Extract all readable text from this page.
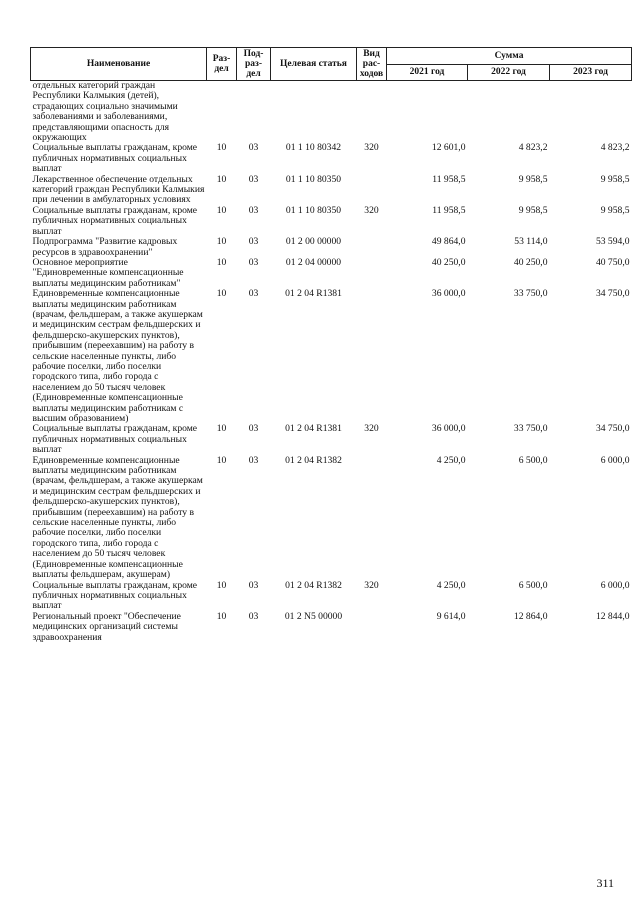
Наименование	Раз-дел	Под-раз-дел	Целевая статья	Вид рас-ходов	Сумма		
					2021 год	2022 год	2023 год
отдельных категорий граждан Республики Калмыкия (детей), страдающих социально значимыми заболеваниями и заболеваниями, представляющими опасность для окружающих							
Социальные выплаты гражданам, кроме публичных нормативных социальных выплат	10	03	01 1 10 80342	320	12 601,0	4 823,2	4 823,2
Лекарственное обеспечение отдельных категорий граждан Республики Калмыкия при лечении в амбулаторных условиях	10	03	01 1 10 80350		11 958,5	9 958,5	9 958,5
Социальные выплаты гражданам, кроме публичных нормативных социальных выплат	10	03	01 1 10 80350	320	11 958,5	9 958,5	9 958,5
Подпрограмма "Развитие кадровых ресурсов в здравоохранении"	10	03	01 2 00 00000		49 864,0	53 114,0	53 594,0
Основное мероприятие "Единовременные компенсационные выплаты медицинским работникам"	10	03	01 2 04 00000		40 250,0	40 250,0	40 750,0
Единовременные компенсационные выплаты медицинским работникам (врачам, фельдшерам, а также акушеркам и медицинским сестрам фельдшерских и фельдшерско-акушерских пунктов), прибывшим (переехавшим) на работу в сельские населенные пункты, либо рабочие поселки, либо поселки городского типа, либо города с населением до 50 тысяч человек (Единовременные компенсационные выплаты медицинским работникам с высшим образованием)	10	03	01 2 04 R1381		36 000,0	33 750,0	34 750,0
Социальные выплаты гражданам, кроме публичных нормативных социальных выплат	10	03	01 2 04 R1381	320	36 000,0	33 750,0	34 750,0
Единовременные компенсационные выплаты медицинским работникам (врачам, фельдшерам, а также акушеркам и медицинским сестрам фельдшерских и фельдшерско-акушерских пунктов), прибывшим (переехавшим) на работу в сельские населенные пункты, либо рабочие поселки, либо поселки городского типа, либо города с населением до 50 тысяч человек (Единовременные компенсационные выплаты фельдшерам, акушерам)	10	03	01 2 04 R1382		4 250,0	6 500,0	6 000,0
Социальные выплаты гражданам, кроме публичных нормативных социальных выплат	10	03	01 2 04 R1382	320	4 250,0	6 500,0	6 000,0
Региональный проект "Обеспечение медицинских организаций системы здравоохранения	10	03	01 2 N5 00000		9 614,0	12 864,0	12 844,0
311
